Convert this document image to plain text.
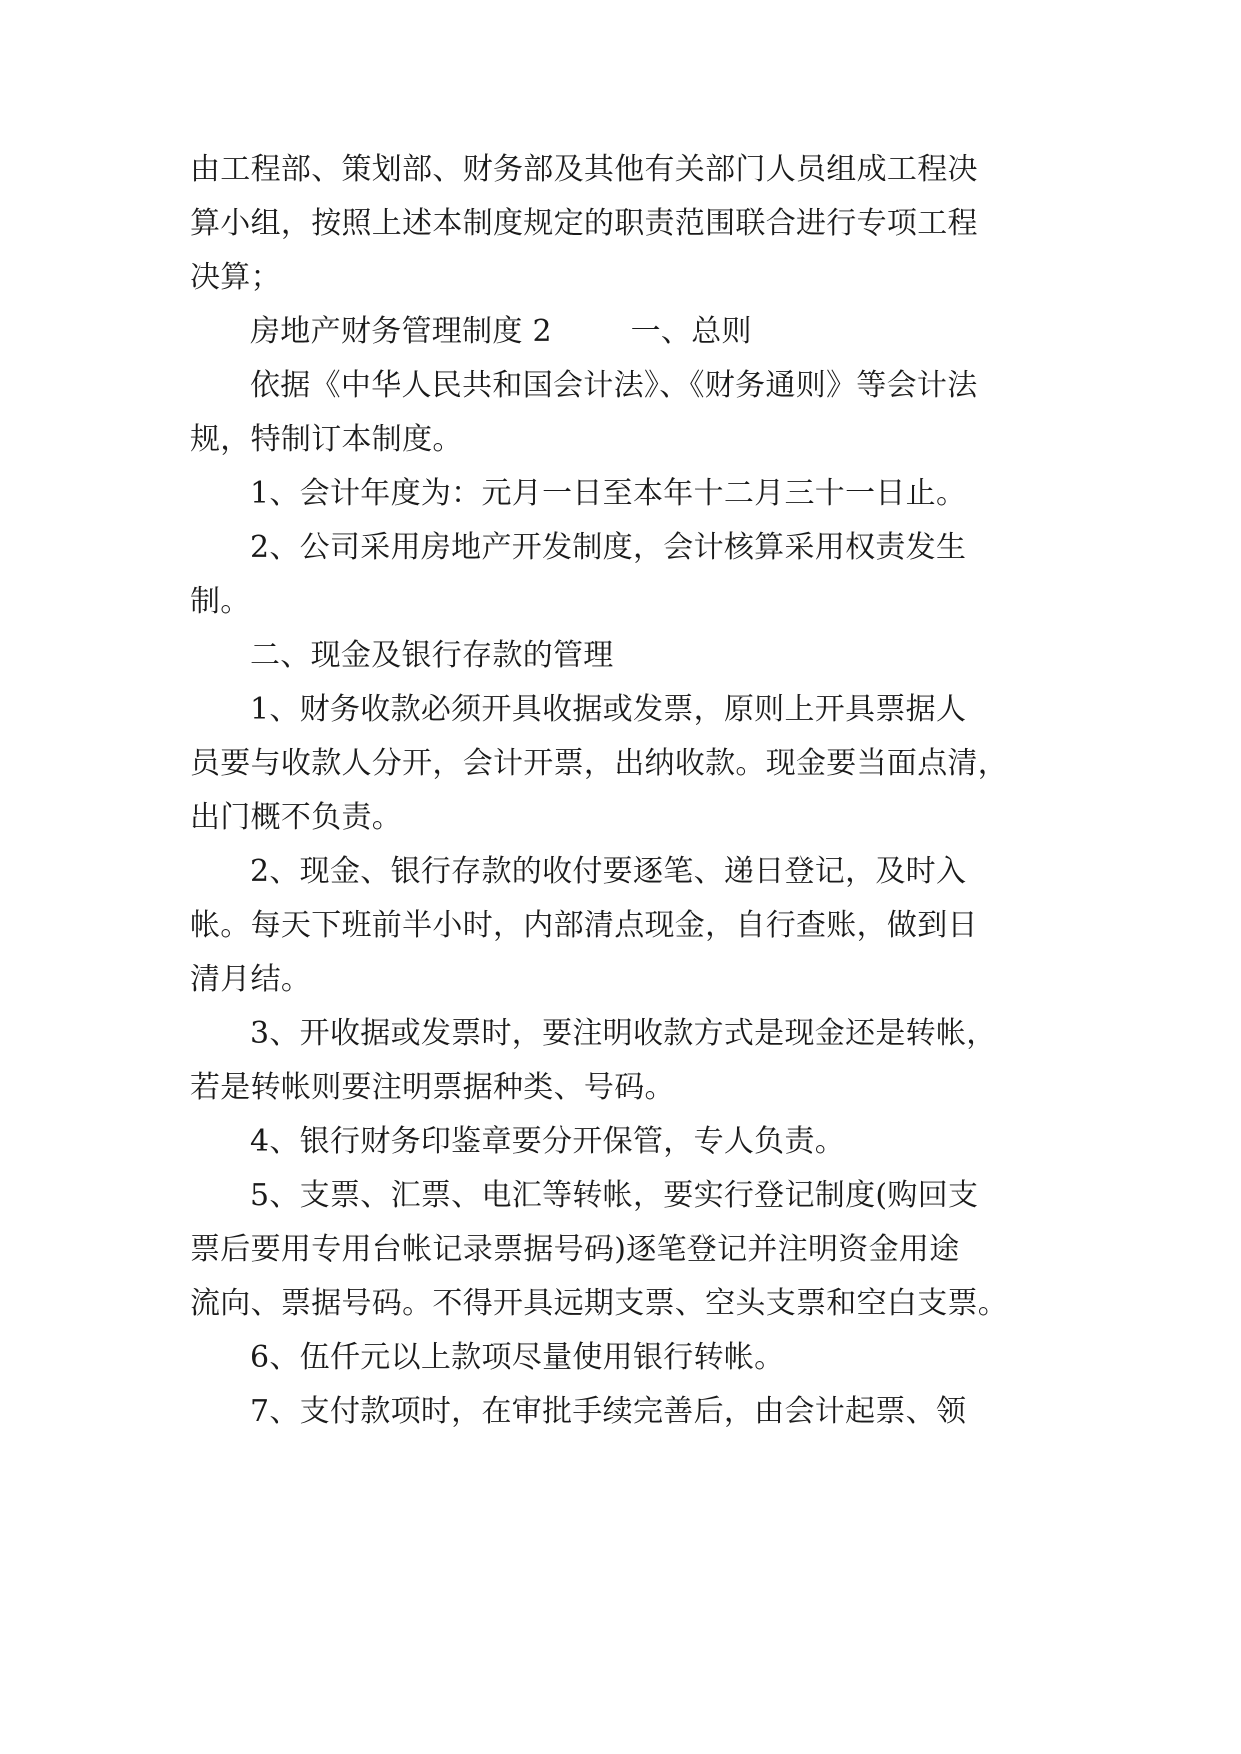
由工程部、策划部、财务部及其他有关部门人员组成工程决
算小组，按照上述本制度规定的职责范围联合进行专项工程
决算；
房地产财务管理制度 2        一、总则
依据《中华人民共和国会计法》、《财务通则》等会计法
规，特制订本制度。
1、会计年度为：元月一日至本年十二月三十一日止。
2、公司采用房地产开发制度，会计核算采用权责发生
制。
二、现金及银行存款的管理
1、财务收款必须开具收据或发票，原则上开具票据人
员要与收款人分开，会计开票，出纳收款。现金要当面点清，
出门概不负责。
2、现金、银行存款的收付要逐笔、递日登记，及时入
帐。每天下班前半小时，内部清点现金，自行查账，做到日
清月结。
3、开收据或发票时，要注明收款方式是现金还是转帐，
若是转帐则要注明票据种类、号码。
4、银行财务印鉴章要分开保管，专人负责。
5、支票、汇票、电汇等转帐，要实行登记制度(购回支
票后要用专用台帐记录票据号码)逐笔登记并注明资金用途
流向、票据号码。不得开具远期支票、空头支票和空白支票。
6、伍仟元以上款项尽量使用银行转帐。
7、支付款项时，在审批手续完善后，由会计起票、领
